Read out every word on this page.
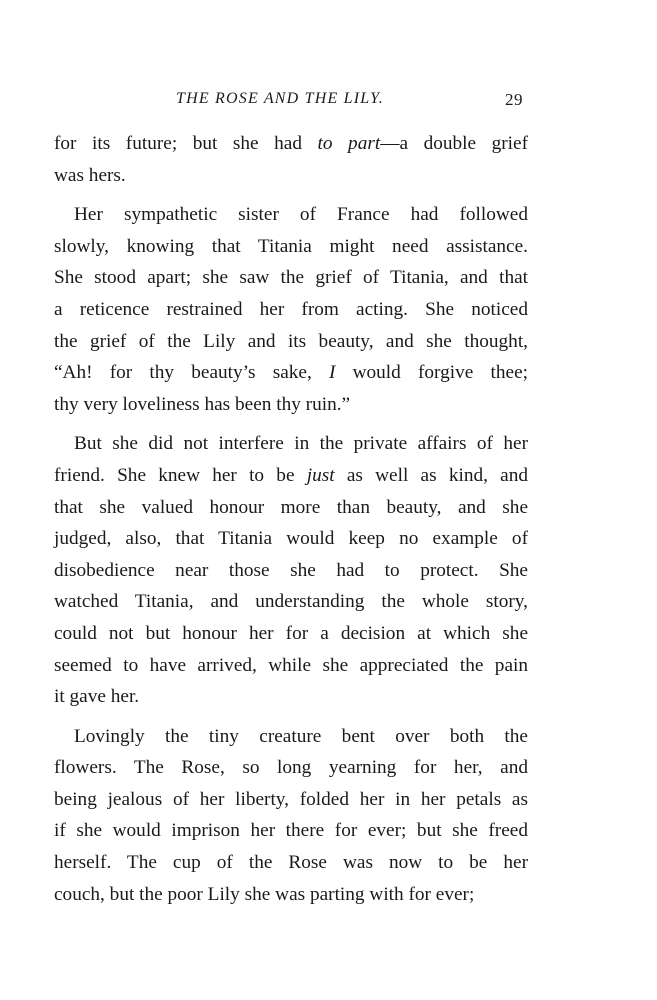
THE ROSE AND THE LILY.	29
for its future; but she had to part—a double grief
was hers.
Her sympathetic sister of France had followed
slowly, knowing that Titania might need assistance.
She stood apart; she saw the grief of Titania, and that
a reticence restrained her from acting. She noticed
the grief of the Lily and its beauty, and she thought,
“Ah! for thy beauty’s sake, I would forgive thee;
thy very loveliness has been thy ruin.”
But she did not interfere in the private affairs of her
friend. She knew her to be just as well as kind, and
that she valued honour more than beauty, and she
judged, also, that Titania would keep no example of
disobedience near those she had to protect. She
watched Titania, and understanding the whole story,
could not but honour her for a decision at which she
seemed to have arrived, while she appreciated the pain
it gave her.
Lovingly the tiny creature bent over both the
flowers. The Rose, so long yearning for her, and
being jealous of her liberty, folded her in her petals as
if she would imprison her there for ever; but she freed
herself. The cup of the Rose was now to be her
couch, but the poor Lily she was parting with for ever;
